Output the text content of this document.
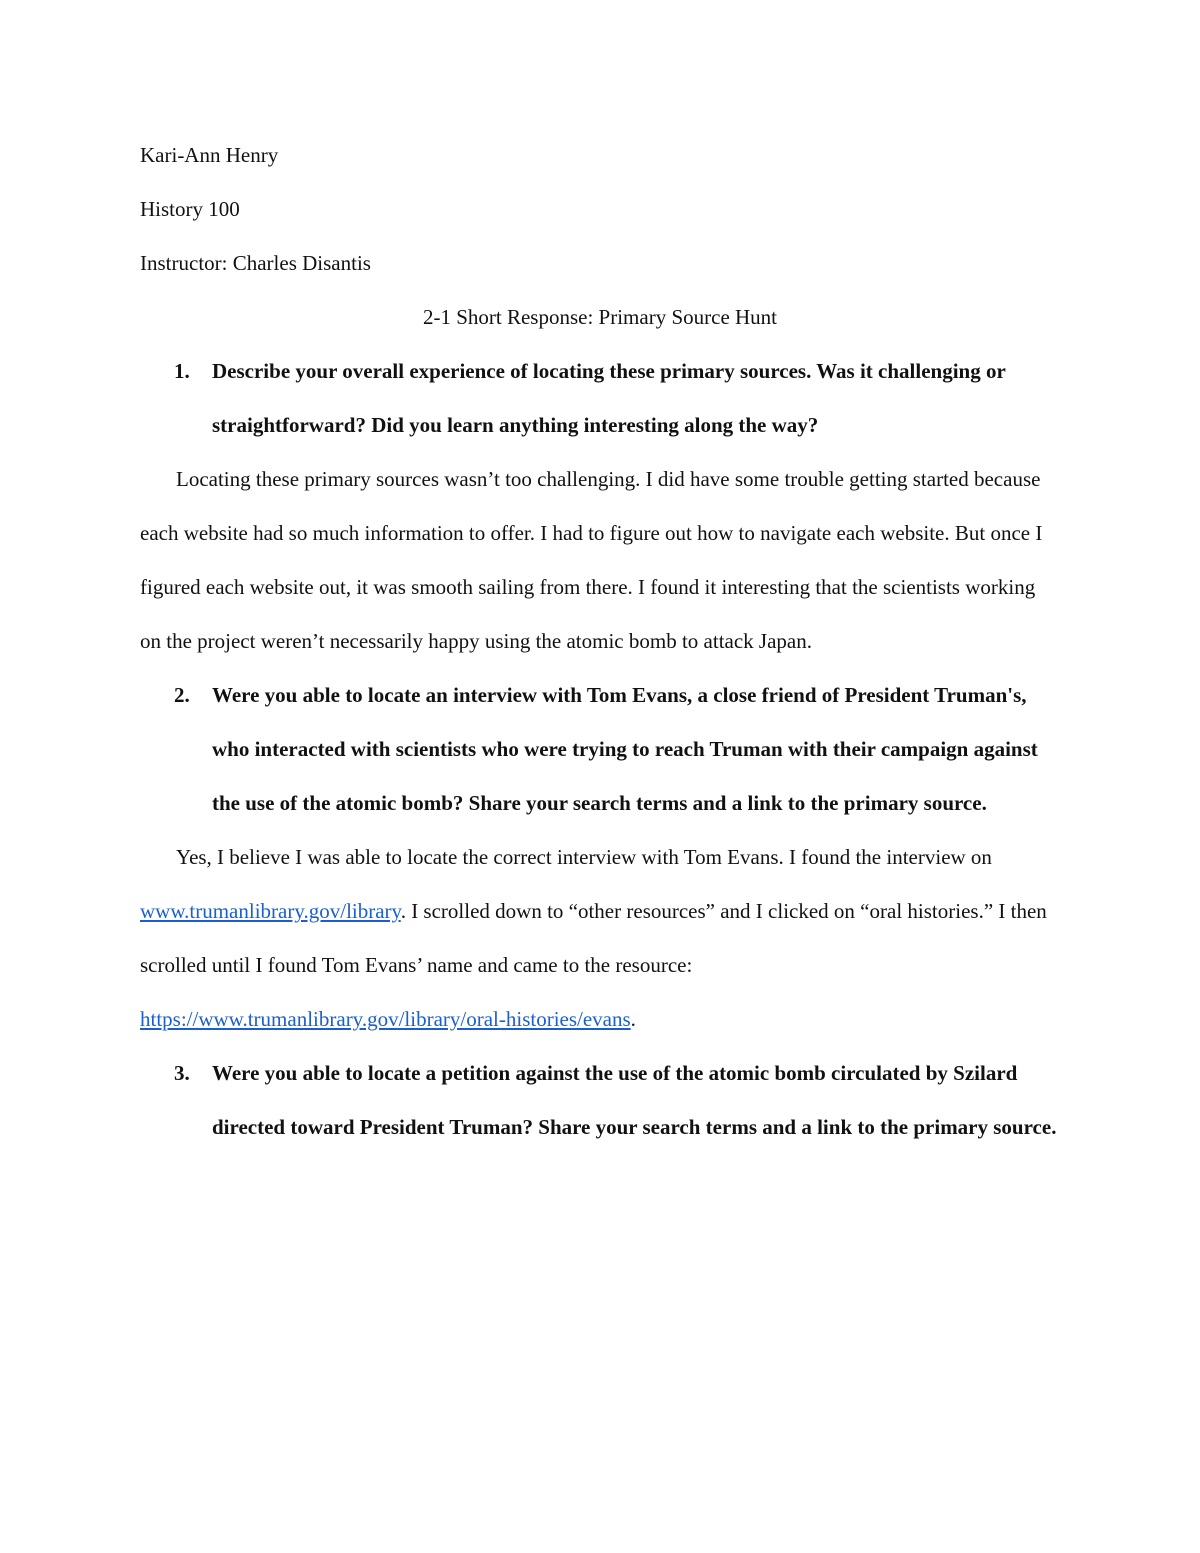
Kari-Ann Henry

History 100

Instructor: Charles Disantis

2-1 Short Response: Primary Source Hunt

1.	Describe your overall experience of locating these primary sources. Was it challenging or straightforward? Did you learn anything interesting along the way?

Locating these primary sources wasn’t too challenging. I did have some trouble getting started because each website had so much information to offer. I had to figure out how to navigate each website. But once I figured each website out, it was smooth sailing from there. I found it interesting that the scientists working on the project weren’t necessarily happy using the atomic bomb to attack Japan.

2.	Were you able to locate an interview with Tom Evans, a close friend of President Truman's, who interacted with scientists who were trying to reach Truman with their campaign against the use of the atomic bomb? Share your search terms and a link to the primary source.

Yes, I believe I was able to locate the correct interview with Tom Evans. I found the interview on www.trumanlibrary.gov/library. I scrolled down to “other resources” and I clicked on “oral histories.” I then scrolled until I found Tom Evans’ name and came to the resource: https://www.trumanlibrary.gov/library/oral-histories/evans.

3.	Were you able to locate a petition against the use of the atomic bomb circulated by Szilard directed toward President Truman? Share your search terms and a link to the primary source.
